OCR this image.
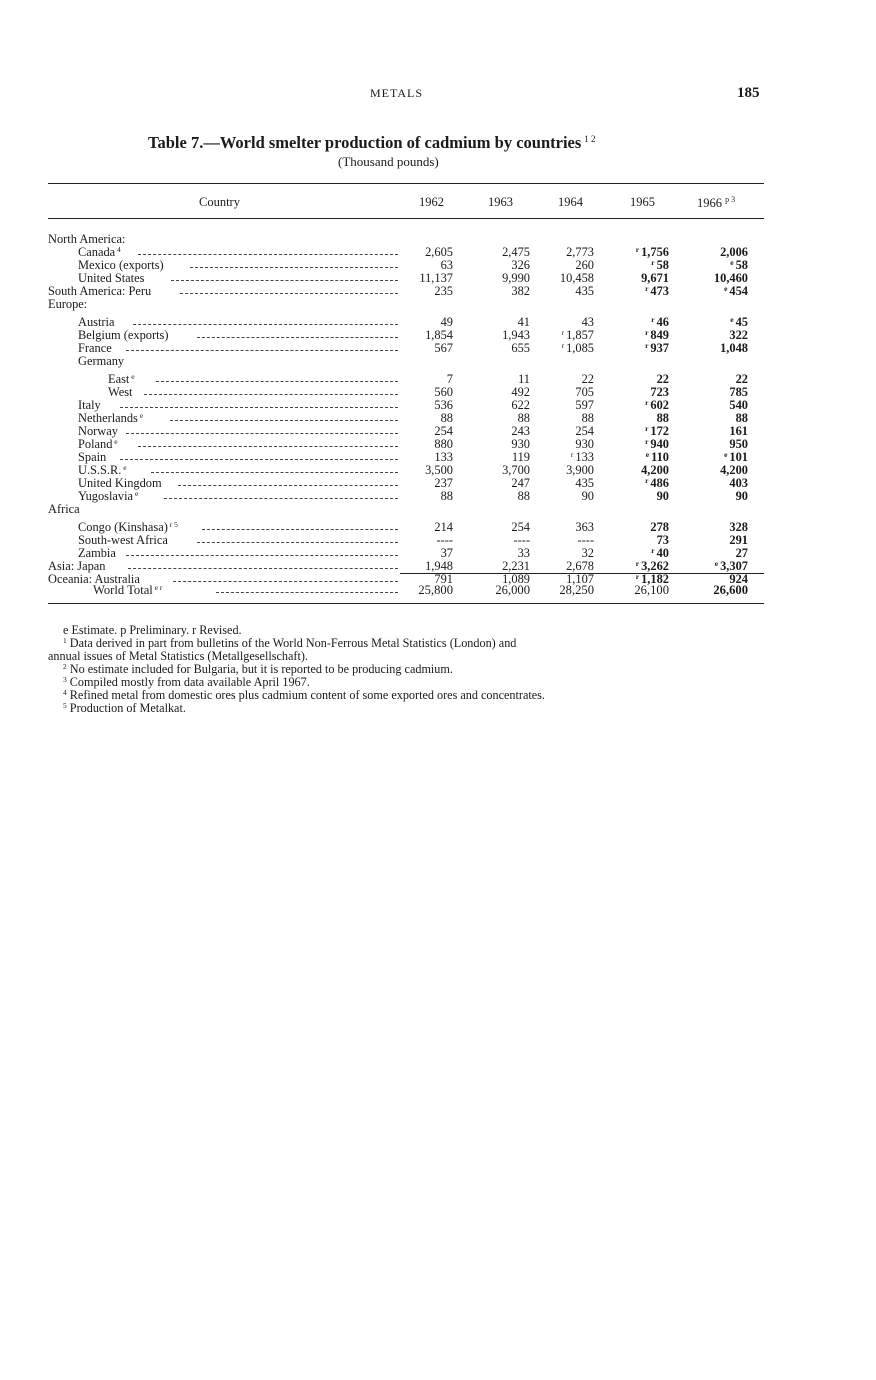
METALS	185
Table 7.—World smelter production of cadmium by countries $^{1 2}$
(Thousand pounds)
Country	1962	1963	1964	1965	1966 $^{p 3}$
North America:
Canada $^4$	2,605	2,475	2,773	$^r$ 1,756	2,006
Mexico (exports)	63	326	260	$^r$ 58	$^e$ 58
United States	11,137	9,990	10,458	9,671	10,460
South America: Peru	235	382	435	$^r$ 473	$^e$ 454
Europe:
Austria	49	41	43	$^r$ 46	$^e$ 45
Belgium (exports)	1,854	1,943	$^r$ 1,857	$^r$ 849	322
France	567	655	$^r$ 1,085	$^r$ 937	1,048
Germany
East $^e$	7	11	22	22	22
West	560	492	705	723	785
Italy	536	622	597	$^r$ 602	540
Netherlands $^e$	88	88	88	88	88
Norway	254	243	254	$^r$ 172	161
Poland $^e$	880	930	930	$^r$ 940	950
Spain	133	119	$^r$ 133	$^e$ 110	$^e$ 101
U.S.S.R. $^e$	3,500	3,700	3,900	4,200	4,200
United Kingdom	237	247	435	$^r$ 486	403
Yugoslavia $^e$	88	88	90	90	90
Africa
Congo (Kinshasa) $^{r 5}$	214	254	363	278	328
South-west Africa	----	----	----	73	291
Zambia	37	33	32	$^r$ 40	27
Asia: Japan	1,948	2,231	2,678	$^r$ 3,262	$^e$ 3,307
Oceania: Australia	791	1,089	1,107	$^r$ 1,182	924
World Total $^{e r}$	25,800	26,000	28,250	26,100	26,600
e Estimate. p Preliminary. r Revised.
$^1$ Data derived in part from bulletins of the World Non-Ferrous Metal Statistics (London) and
annual issues of Metal Statistics (Metallgesellschaft).
$^2$ No estimate included for Bulgaria, but it is reported to be producing cadmium.
$^3$ Compiled mostly from data available April 1967.
$^4$ Refined metal from domestic ores plus cadmium content of some exported ores and concentrates.
$^5$ Production of Metalkat.
